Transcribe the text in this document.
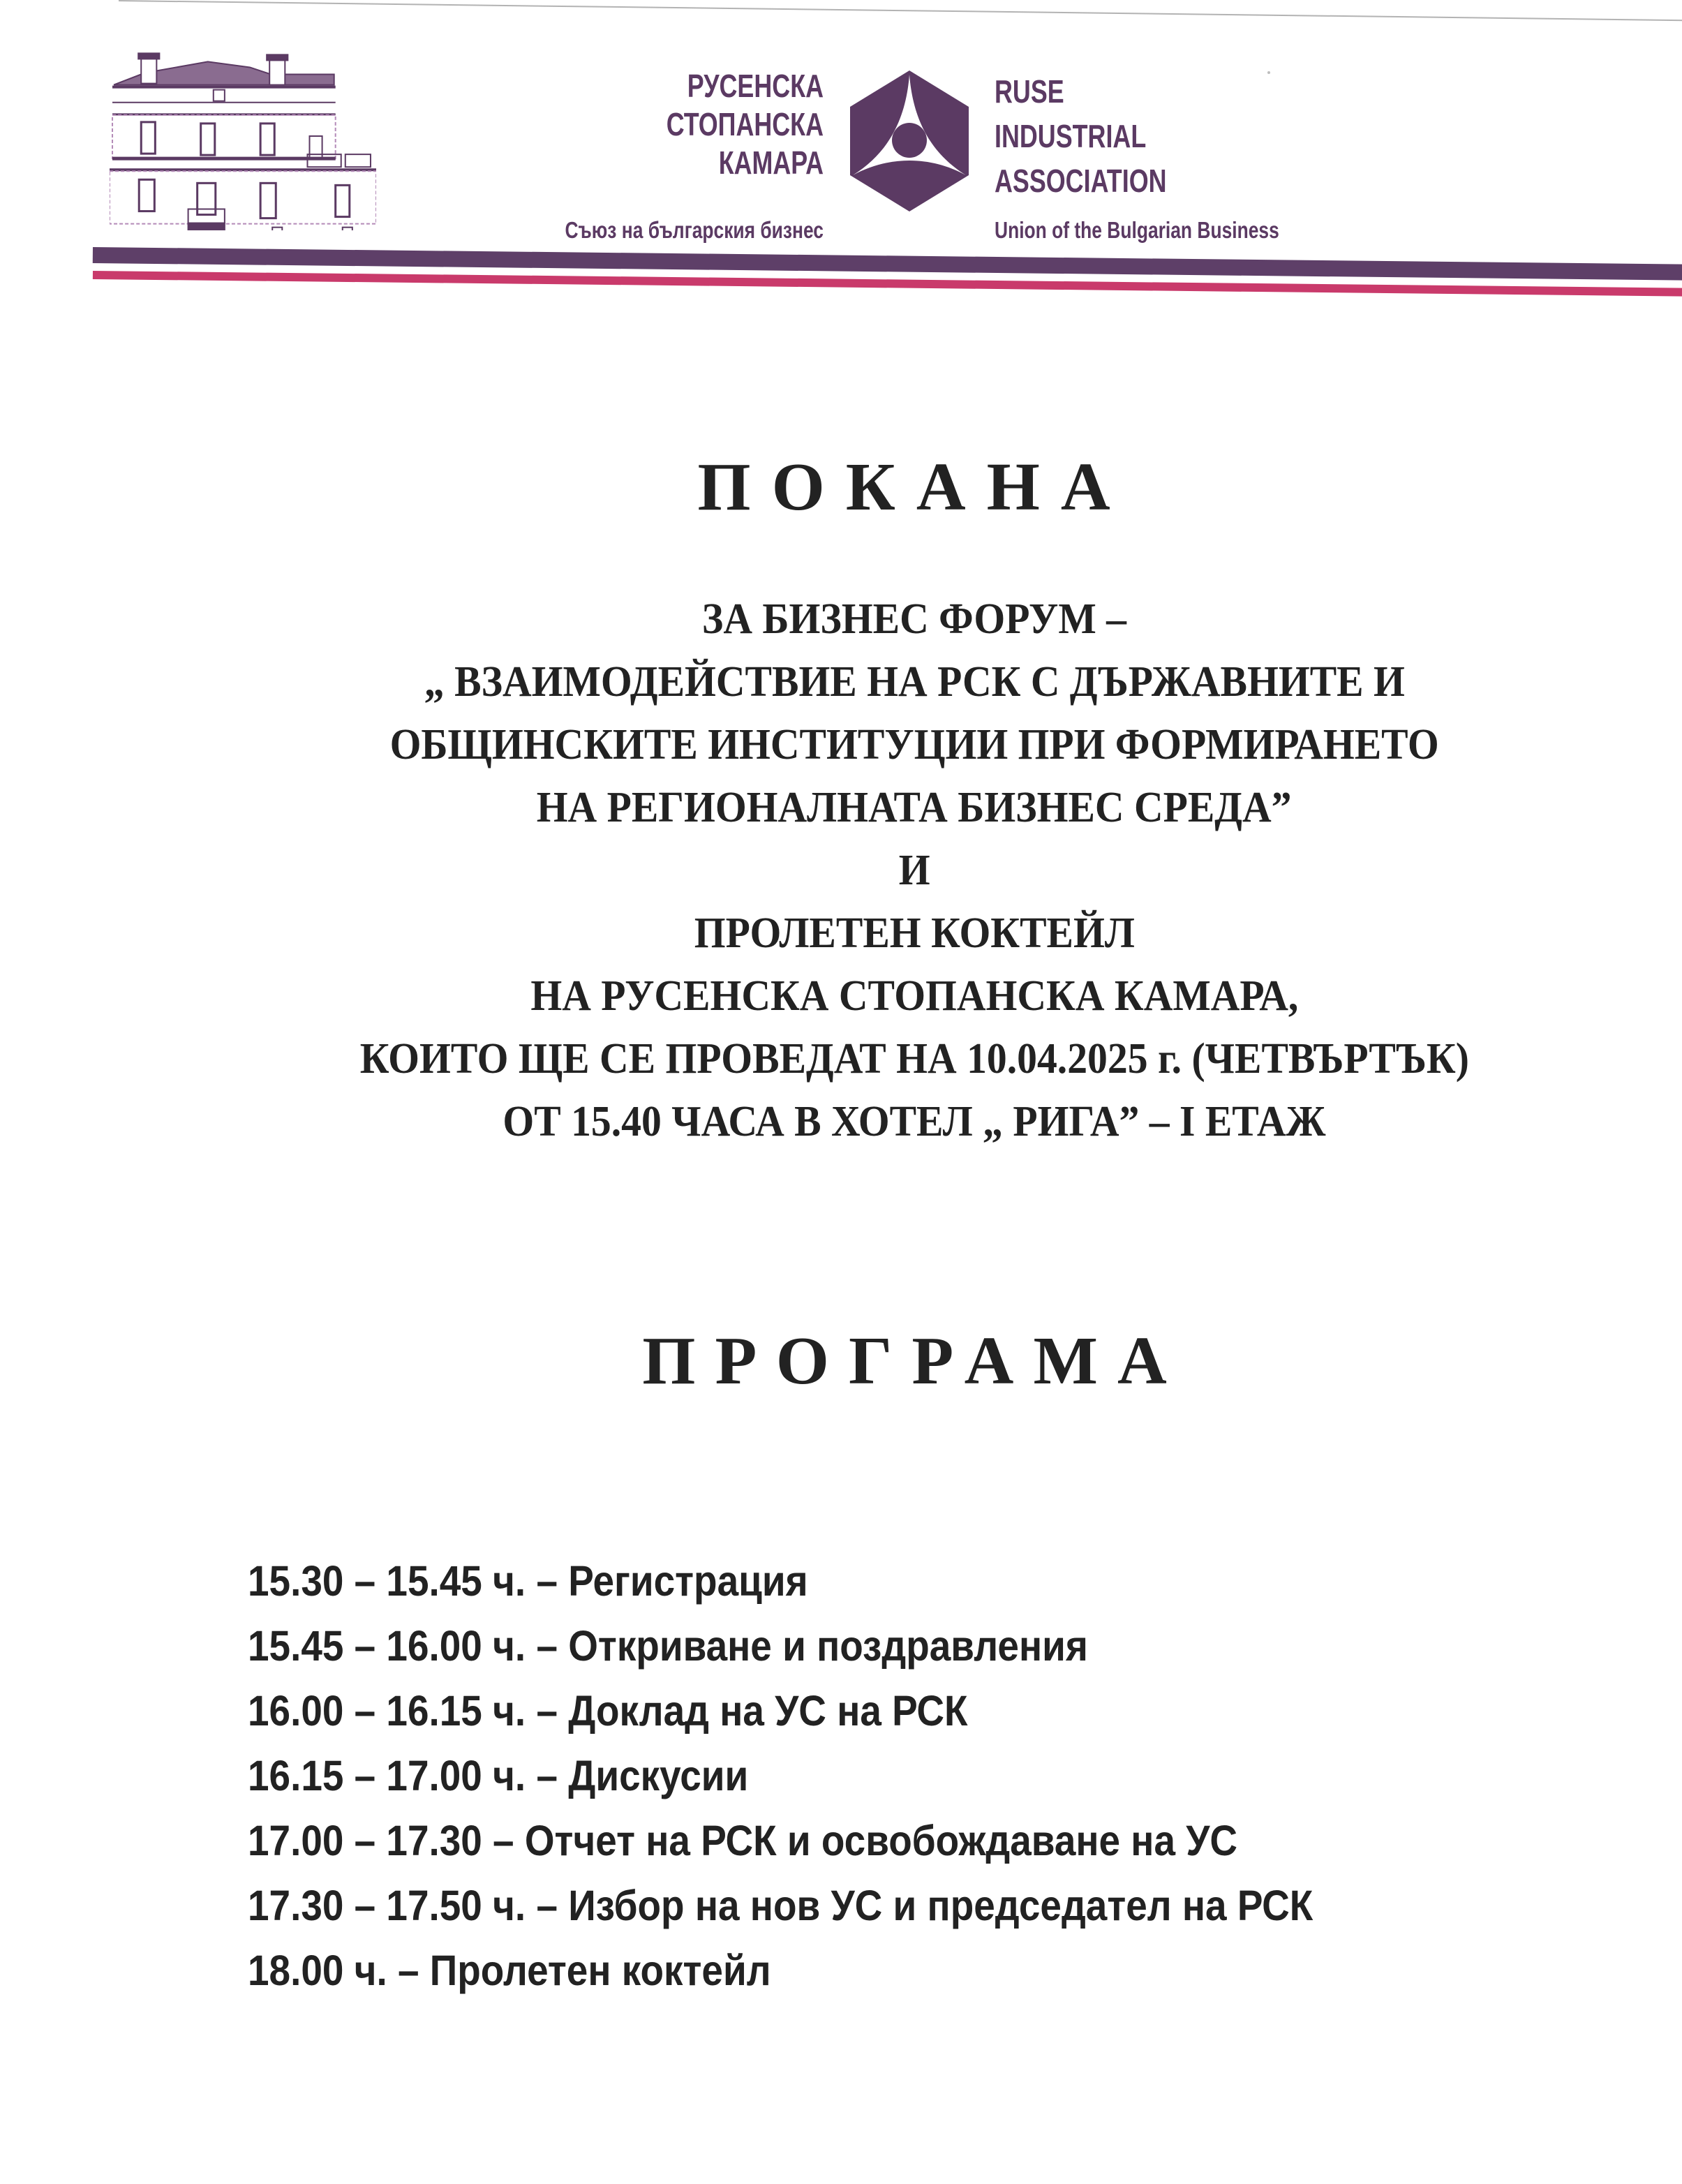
РУСЕНСКА
СТОПАНСКА
КАМАРА
Съюз на българския бизнес
RUSE
INDUSTRIAL
ASSOCIATION
Union of the Bulgarian Business
ПОКАНА
ЗА БИЗНЕС ФОРУМ –
„ ВЗАИМОДЕЙСТВИЕ НА РСК С ДЪРЖАВНИТЕ И
ОБЩИНСКИТЕ ИНСТИТУЦИИ ПРИ ФОРМИРАНЕТО
НА РЕГИОНАЛНАТА БИЗНЕС СРЕДА”
И
ПРОЛЕТЕН КОКТЕЙЛ
НА РУСЕНСКА СТОПАНСКА КАМАРА,
КОИТО ЩЕ СЕ ПРОВЕДАТ НА 10.04.2025 г. (ЧЕТВЪРТЪК)
ОТ 15.40 ЧАСА В ХОТЕЛ „ РИГА” – I ЕТАЖ
ПРОГРАМА
15.30 – 15.45 ч. – Регистрация
15.45 – 16.00 ч. – Откриване и поздравления
16.00 – 16.15 ч. – Доклад на УС на РСК
16.15 – 17.00 ч. – Дискусии
17.00 – 17.30 – Отчет на РСК и освобождаване на УС
17.30 – 17.50 ч. – Избор на нов УС и председател на РСК
18.00 ч. – Пролетен коктейл
